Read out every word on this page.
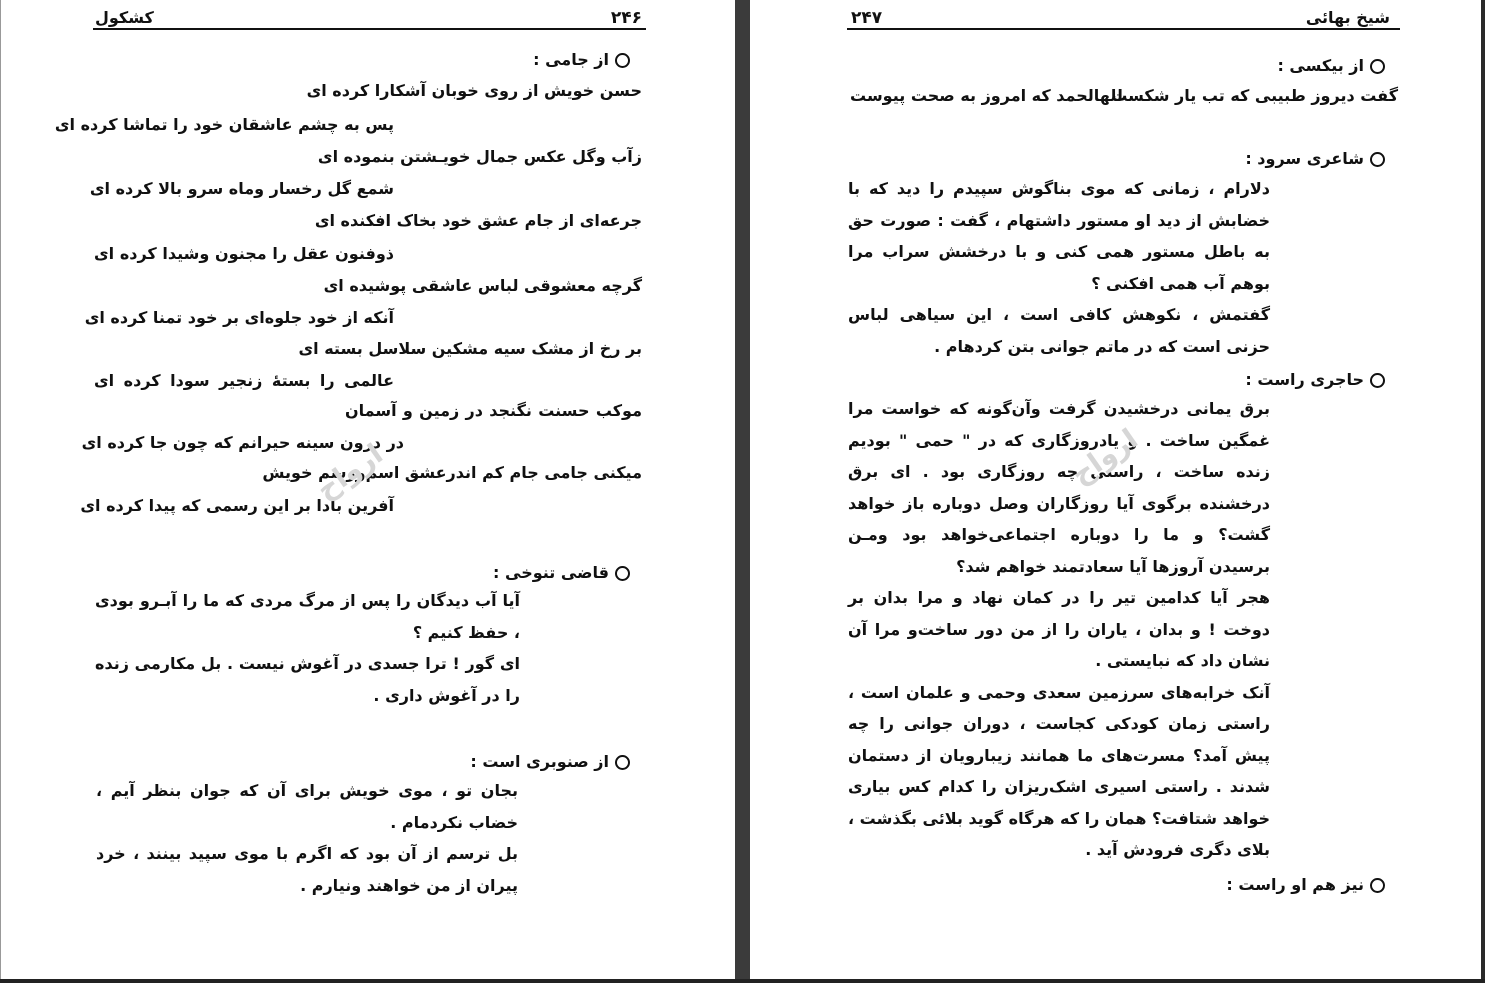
۲۴۶
کشکول
از جامی :
حسن خویش از روی خوبان آشکارا کرده ای
پس به چشم عاشقان خود را تماشا کرده ای
زآب وگل عکس جمال خویـشتن بنموده ای
شمع گل رخسار وماه سرو بالا کرده ای
جرعه‌ای از جام عشق خود بخاک افکنده ای
ذوفنون عقل را مجنون وشیدا کرده ای
گرچه معشوقی لباس عاشقی پوشیده ای
آنکه از خود جلوه‌ای بر خود تمنا کرده ای
بر رخ از مشک سیه مشکین سلاسل بسته ای
عالمی را بستهٔ زنجیر سودا کرده ای
موکب حسنت نگنجد در زمین و آسمان
در درون سینه حیرانم که چون جا کرده ای
میکنی جامی جام کم اندرعشق اسم‌ورسم خویش
آفرین بادا بر این رسمی که پیدا کرده ای
ارواح
قاضی تنوخی :

آیا آب دیدگان را پس از مرگ مردی که ما را آبـرو بودی ، حفظ کنیم ؟

ای گور ! ترا جسدی در آغوش نیست . بل مکارمی زنده را در آغوش داری .

از صنوبری است :

بجان تو ، موی خویش برای آن که جوان بنظر آیم ، خضاب نکردمام .

بل ترسم از آن بود که اگرم با موی سپید بینند ، خرد پیران از من خواهند ونیارم .

شیخ بهائی
۲۴۷
از بیکسی :
گفت دیروز طبیبی که تب یار شکست
للهالحمد که امروز به صحت پیوست
شاعری سرود :

دلارام ، زمانی که موی بناگوش سپیدم را دید که با خضابش از دید او مستور داشتهام ، گفت : صورت حق به باطل مستور همی کنی و با درخشش سراب مرا بوهم آب همی افکنی ؟

گفتمش ، نکوهش کافی است ، این سیاهی لباس حزنی است که در ماتم جوانی بتن کردهام .

حاجری راست :

برق یمانی درخشیدن گرفت وآن‌گونه که خواست مرا غمگین ساخت . و یادروزگاری که در " حمی " بودیم زنده ساخت ، راستی چه روزگاری بود . ای برق درخشنده برگوی آیا روزگاران وصل دوباره باز خواهد گشت؟ و ما را دوباره اجتماعی‌خواهد بود ومـن برسیدن آروزها آیا سعادتمند خواهم شد؟

هجر آیا کدامین تیر را در کمان نهاد و مرا بدان بر دوخت ! و بدان ، یاران را از من دور ساخت‌و مرا آن نشان داد که نبایستی .

آنک خرابه‌های سرزمین سعدی وحمی و علمان است ، راستی زمان کودکی کجاست ، دوران جوانی را چه پیش آمد؟ مسرت‌های ما همانند زیبارویان از دستمان شدند . راستی اسیری اشک‌ریزان را کدام کس بیاری خواهد شتافت؟ همان را که هرگاه گوید بلائی بگذشت ، بلای دگری فرودش آید .

ارواح
نیز هم او راست :
